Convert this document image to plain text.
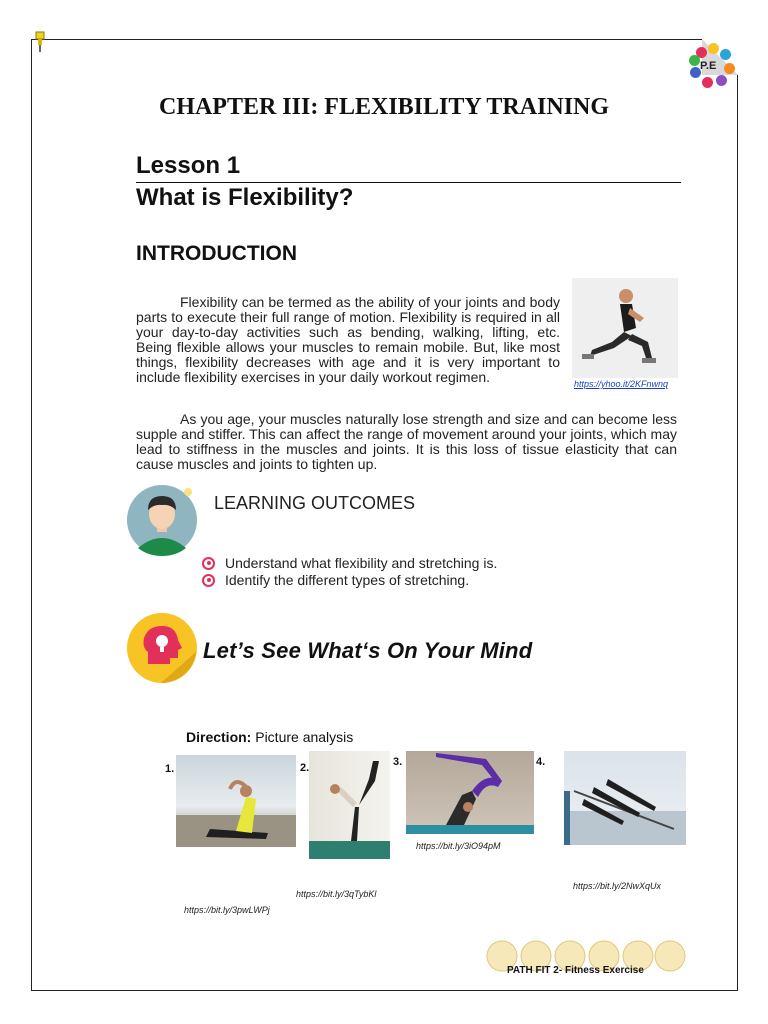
P.E
CHAPTER III: FLEXIBILITY TRAINING
Lesson 1
What is Flexibility?
INTRODUCTION
Flexibility can be termed as the ability of your joints and body parts to execute their full range of motion. Flexibility is required in all your day-to-day activities such as bending, walking, lifting, etc. Being flexible allows your muscles to remain mobile. But, like most things, flexibility decreases with age and it is very important to include flexibility exercises in your daily workout regimen.	https://yhoo.it/2KFnwnq
As you age, your muscles naturally lose strength and size and can become less supple and stiffer. This can affect the range of movement around your joints, which may lead to stiffness in the muscles and joints. It is this loss of tissue elasticity that can cause muscles and joints to tighten up.
LEARNING OUTCOMES
Understand what flexibility and stretching is.
Identify the different types of stretching.
Let’s See What‘s On Your Mind
Direction: Picture analysis
1.
https://bit.ly/3pwLWPj
2.
https://bit.ly/3qTybKl
3.
https://bit.ly/3iO94pM
4.
https://bit.ly/2NwXqUx
PATH FIT 2- Fitness Exercise
